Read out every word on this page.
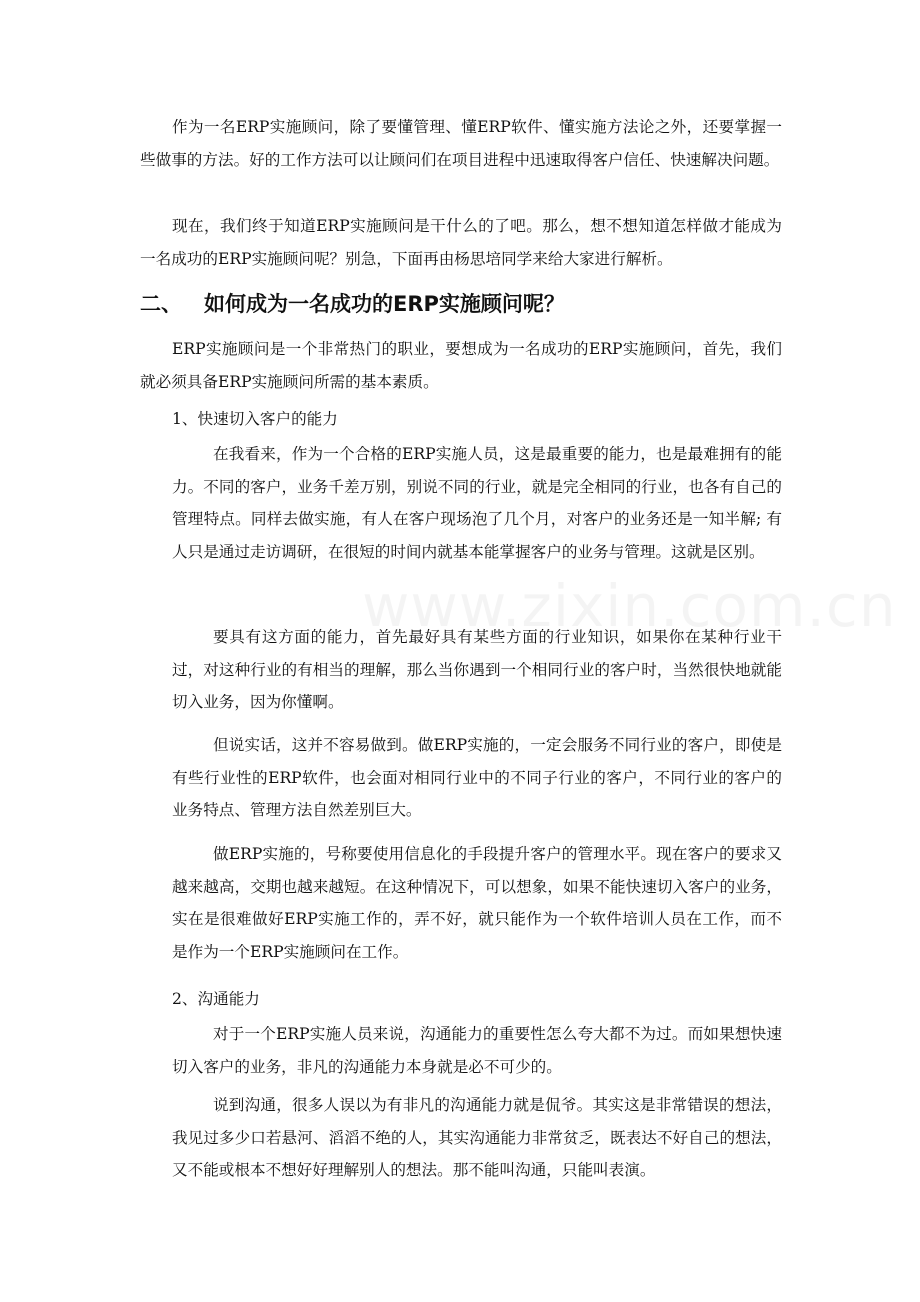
作为一名ERP实施顾问，除了要懂管理、懂ERP软件、懂实施方法论之外，还要掌握一些做事的方法。好的工作方法可以让顾问们在项目进程中迅速取得客户信任、快速解决问题。

现在，我们终于知道ERP实施顾问是干什么的了吧。那么，想不想知道怎样做才能成为一名成功的ERP实施顾问呢？别急，下面再由杨思培同学来给大家进行解析。

二、 如何成为一名成功的ERP实施顾问呢？

ERP实施顾问是一个非常热门的职业，要想成为一名成功的ERP实施顾问，首先，我们就必须具备ERP实施顾问所需的基本素质。

1、快速切入客户的能力

在我看来，作为一个合格的ERP实施人员，这是最重要的能力，也是最难拥有的能力。不同的客户，业务千差万别，别说不同的行业，就是完全相同的行业，也各有自己的管理特点。同样去做实施，有人在客户现场泡了几个月，对客户的业务还是一知半解; 有人只是通过走访调研，在很短的时间内就基本能掌握客户的业务与管理。这就是区别。

要具有这方面的能力，首先最好具有某些方面的行业知识，如果你在某种行业干过，对这种行业的有相当的理解，那么当你遇到一个相同行业的客户时，当然很快地就能切入业务，因为你懂啊。

但说实话，这并不容易做到。做ERP实施的，一定会服务不同行业的客户，即使是有些行业性的ERP软件，也会面对相同行业中的不同子行业的客户，不同行业的客户的业务特点、管理方法自然差别巨大。

做ERP实施的，号称要使用信息化的手段提升客户的管理水平。现在客户的要求又越来越高，交期也越来越短。在这种情况下，可以想象，如果不能快速切入客户的业务，实在是很难做好ERP实施工作的，弄不好，就只能作为一个软件培训人员在工作，而不是作为一个ERP实施顾问在工作。

2、沟通能力

对于一个ERP实施人员来说，沟通能力的重要性怎么夸大都不为过。而如果想快速切入客户的业务，非凡的沟通能力本身就是必不可少的。

说到沟通，很多人误以为有非凡的沟通能力就是侃爷。其实这是非常错误的想法，我见过多少口若悬河、滔滔不绝的人，其实沟通能力非常贫乏，既表达不好自己的想法，又不能或根本不想好好理解别人的想法。那不能叫沟通，只能叫表演。
